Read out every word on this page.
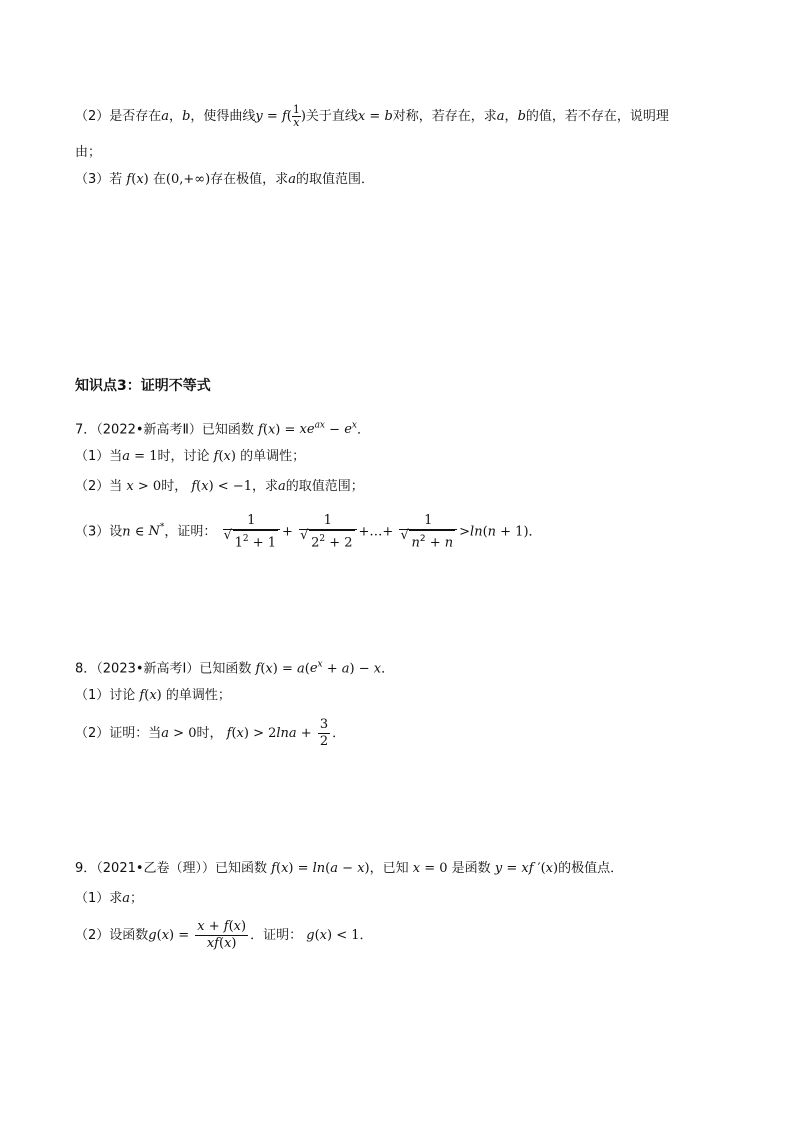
（2）是否存在a，b，使得曲线$y = f( \frac{1}{x}$ )关于直线x = b对称，若存在，求a，b的值，若不存在，说明理
由；
（3）若 f(x) 在(0,+∞)存在极值，求a的取值范围．
知识点3：证明不等式
7．（2022•新高考Ⅱ）已知函数 $f(x) = xe^{ax} - e^x$．
（1）当a = 1时，讨论 f(x) 的单调性；
（2）当 x > 0时， f(x) < −1，求a的取值范围；
（3）设n ∈ N*，证明： 1
√ $1^2 + 1 + 1$
√ $2^2 + 2$ +…+ 1
√ $n^2 + n >\ln(n + 1)$．
8．（2023•新高考Ⅰ）已知函数 $f(x) = a(e^x + a) - x$．
（1）讨论 f(x) 的单调性；
（2）证明：当a > 0时， $f(x) > 2\ln a + \frac{3}{2}$ ．
9．（2021•乙卷（理））已知函数 f(x) = ln(a − x)，已知 x = 0 是函数 y = xf ′(x)的极值点．
（1）求a；
（2）设函数$g(x) = \frac{x + f(x)}{xf(x)}$ ．证明： g(x) < 1．
